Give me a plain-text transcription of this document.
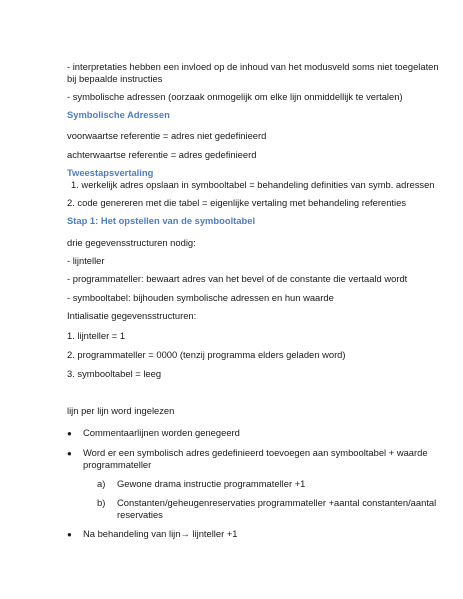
- interpretaties hebben een invloed op de inhoud van het modusveld soms niet toegelaten
bij bepaalde instructies
- symbolische adressen (oorzaak onmogelijk om elke lijn onmiddellijk te vertalen)
Symbolische Adressen
voorwaartse referentie = adres niet gedefinieerd
achterwaartse referentie = adres gedefinieerd
Tweestapsvertaling
1. werkelijk adres opslaan in symbooltabel = behandeling definities van symb. adressen
2. code genereren met die tabel = eigenlijke vertaling met behandeling referenties
Stap 1: Het opstellen van de symbooltabel
drie gegevensstructuren nodig:
- lijnteller
- programmateller: bewaart adres van het bevel of de constante die vertaald wordt
- symbooltabel: bijhouden symbolische adressen en hun waarde
Intialisatie gegevensstructuren:
1. lijnteller = 1
2. programmateller = 0000 (tenzij programma elders geladen word)
3. symbooltabel = leeg
lijn per lijn word ingelezen
● Commentaarlijnen worden genegeerd
● Word er een symbolisch adres gedefinieerd toevoegen aan symbooltabel + waarde
programmateller
a) Gewone drama instructie programmateller +1
b) Constanten/geheugenreservaties programmateller +aantal constanten/aantal
reservaties
● Na behandeling van lijn→ lijnteller +1
